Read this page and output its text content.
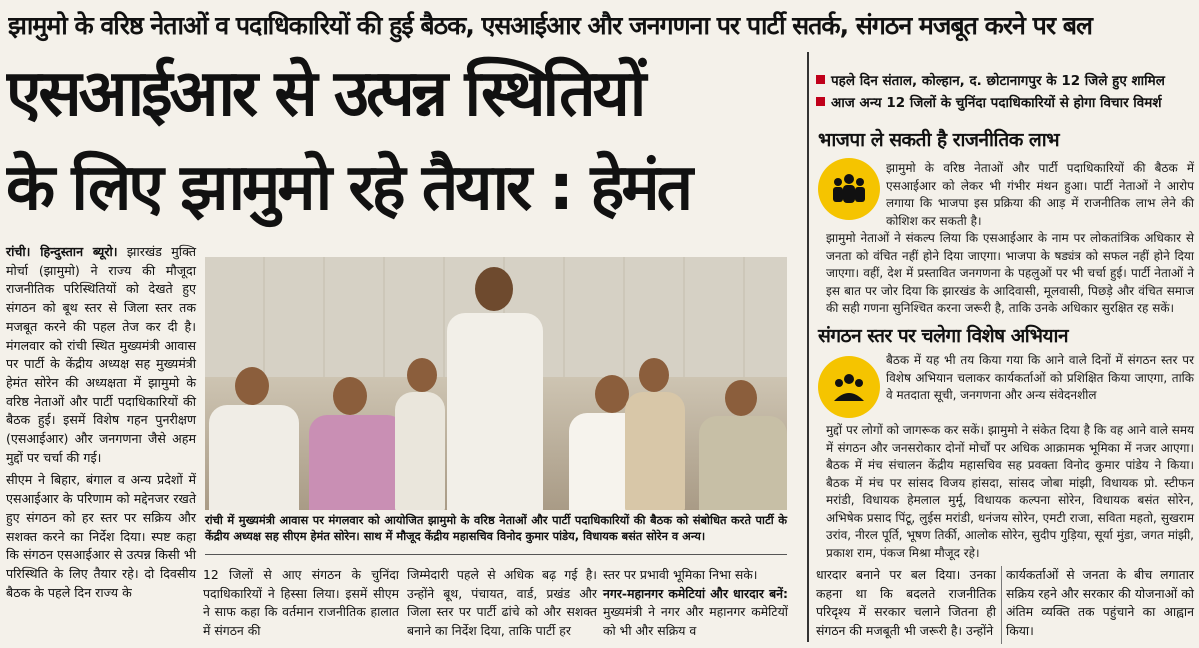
झामुमो के वरिष्ठ नेताओं व पदाधिकारियों की हुई बैठक, एसआईआर और जनगणना पर पार्टी सतर्क, संगठन मजबूत करने पर बल
एसआईआर से उत्पन्न स्थितियों
के लिए झामुमो रहे तैयार : हेमंत
पहले दिन संताल, कोल्हान, द. छोटानागपुर के 12 जिले हुए शामिल
आज अन्य 12 जिलों के चुनिंदा पदाधिकारियों से होगा विचार विमर्श
भाजपा ले सकती है राजनीतिक लाभ
झामुमो के वरिष्ठ नेताओं और पार्टी पदाधिकारियों की बैठक में एसआईआर को लेकर भी गंभीर मंथन हुआ। पार्टी नेताओं ने आरोप लगाया कि भाजपा इस प्रक्रिया की आड़ में राजनीतिक लाभ लेने की कोशिश कर सकती है।
झामुमो नेताओं ने संकल्प लिया कि एसआईआर के नाम पर लोकतांत्रिक अधिकार से जनता को वंचित नहीं होने दिया जाएगा। भाजपा के षड्यंत्र को सफल नहीं होने दिया जाएगा। वहीं, देश में प्रस्तावित जनगणना के पहलुओं पर भी चर्चा हुई। पार्टी नेताओं ने इस बात पर जोर दिया कि झारखंड के आदिवासी, मूलवासी, पिछड़े और वंचित समाज की सही गणना सुनिश्चित करना जरूरी है, ताकि उनके अधिकार सुरक्षित रह सकें।
संगठन स्तर पर चलेगा विशेष अभियान
बैठक में यह भी तय किया गया कि आने वाले दिनों में संगठन स्तर पर विशेष अभियान चलाकर कार्यकर्ताओं को प्रशिक्षित किया जाएगा, ताकि वे मतदाता सूची, जनगणना और अन्य संवेदनशील
मुद्दों पर लोगों को जागरूक कर सकें। झामुमो ने संकेत दिया है कि वह आने वाले समय में संगठन और जनसरोकार दोनों मोर्चों पर अधिक आक्रामक भूमिका में नजर आएगा। बैठक में मंच संचालन केंद्रीय महासचिव सह प्रवक्ता विनोद कुमार पांडेय ने किया। बैठक में मंच पर सांसद विजय हांसदा, सांसद जोबा मांझी, विधायक प्रो. स्टीफन मरांडी, विधायक हेमलाल मुर्मू, विधायक कल्पना सोरेन, विधायक बसंत सोरेन, अभिषेक प्रसाद पिंटू, लुईस मरांडी, धनंजय सोरेन, एमटी राजा, सविता महतो, सुखराम उरांव, नीरल पूर्ति, भूषण तिर्की, आलोक सोरेन, सुदीप गुड़िया, सूर्या मुंडा, जगत मांझी, प्रकाश राम, पंकज मिश्रा मौजूद रहे।

रांची। हिन्दुस्तान ब्यूरो। झारखंड मुक्ति मोर्चा (झामुमो) ने राज्य की मौजूदा राजनीतिक परिस्थितियों को देखते हुए संगठन को बूथ स्तर से जिला स्तर तक मजबूत करने की पहल तेज कर दी है। मंगलवार को रांची स्थित मुख्यमंत्री आवास पर पार्टी के केंद्रीय अध्यक्ष सह मुख्यमंत्री हेमंत सोरेन की अध्यक्षता में झामुमो के वरिष्ठ नेताओं और पार्टी पदाधिकारियों की बैठक हुई। इसमें विशेष गहन पुनरीक्षण (एसआईआर) और जनगणना जैसे अहम मुद्दों पर चर्चा की गई।

सीएम ने बिहार, बंगाल व अन्य प्रदेशों में एसआईआर के परिणाम को मद्देनजर रखते हुए संगठन को हर स्तर पर सक्रिय और सशक्त करने का निर्देश दिया। स्पष्ट कहा कि संगठन एसआईआर से उत्पन्न किसी भी परिस्थिति के लिए तैयार रहे। दो दिवसीय बैठक के पहले दिन राज्य के

रांची में मुख्यमंत्री आवास पर मंगलवार को आयोजित झामुमो के वरिष्ठ नेताओं और पार्टी पदाधिकारियों की बैठक को संबोधित करते पार्टी के केंद्रीय अध्यक्ष सह सीएम हेमंत सोरेन। साथ में मौजूद केंद्रीय महासचिव विनोद कुमार पांडेय, विधायक बसंत सोरेन व अन्य।
12 जिलों से आए संगठन के चुनिंदा पदाधिकारियों ने हिस्सा लिया। इसमें सीएम ने साफ कहा कि वर्तमान राजनीतिक हालात में संगठन की
जिम्मेदारी पहले से अधिक बढ़ गई है। उन्होंने बूथ, पंचायत, वार्ड, प्रखंड और जिला स्तर पर पार्टी ढांचे को और सशक्त बनाने का निर्देश दिया, ताकि पार्टी हर
स्तर पर प्रभावी भूमिका निभा सके।
नगर-महानगर कमेटियां और धारदार बनें: मुख्यमंत्री ने नगर और महानगर कमेटियों को भी और सक्रिय व
धारदार बनाने पर बल दिया। उनका कहना था कि बदलते राजनीतिक परिदृश्य में सरकार चलाने जितना ही संगठन की मजबूती भी जरूरी है। उन्होंने
कार्यकर्ताओं से जनता के बीच लगातार सक्रिय रहने और सरकार की योजनाओं को अंतिम व्यक्ति तक पहुंचाने का आह्वान किया।
